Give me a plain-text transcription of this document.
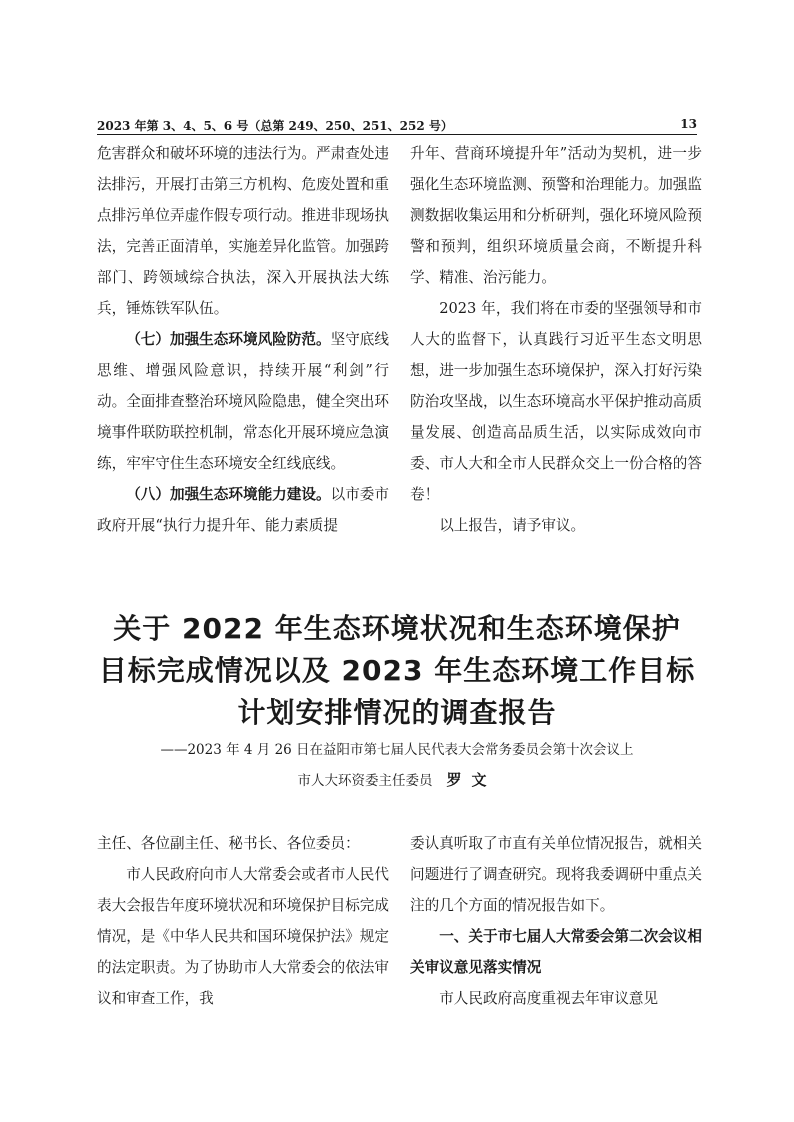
2023 年第 3、4、5、6 号（总第 249、250、251、252 号）	13

危害群众和破坏环境的违法行为。严肃查处违法排污，开展打击第三方机构、危废处置和重点排污单位弄虚作假专项行动。推进非现场执法，完善正面清单，实施差异化监管。加强跨部门、跨领域综合执法，深入开展执法大练兵，锤炼铁军队伍。

（七）加强生态环境风险防范。坚守底线思维、增强风险意识，持续开展“利剑”行动。全面排查整治环境风险隐患，健全突出环境事件联防联控机制，常态化开展环境应急演练，牢牢守住生态环境安全红线底线。

（八）加强生态环境能力建设。以市委市政府开展“执行力提升年、能力素质提

升年、营商环境提升年”活动为契机，进一步强化生态环境监测、预警和治理能力。加强监测数据收集运用和分析研判，强化环境风险预警和预判，组织环境质量会商，不断提升科学、精准、治污能力。

2023 年，我们将在市委的坚强领导和市人大的监督下，认真践行习近平生态文明思想，进一步加强生态环境保护，深入打好污染防治攻坚战，以生态环境高水平保护推动高质量发展、创造高品质生活，以实际成效向市委、市人大和全市人民群众交上一份合格的答卷！

以上报告，请予审议。

关于 2022 年生态环境状况和生态环境保护
目标完成情况以及 2023 年生态环境工作目标
计划安排情况的调查报告
——2023 年 4 月 26 日在益阳市第七届人民代表大会常务委员会第十次会议上
市人大环资委主任委员 罗文

主任、各位副主任、秘书长、各位委员：

市人民政府向市人大常委会或者市人民代表大会报告年度环境状况和环境保护目标完成情况，是《中华人民共和国环境保护法》规定的法定职责。为了协助市人大常委会的依法审议和审查工作，我

委认真听取了市直有关单位情况报告，就相关问题进行了调查研究。现将我委调研中重点关注的几个方面的情况报告如下。

一、关于市七届人大常委会第二次会议相关审议意见落实情况

市人民政府高度重视去年审议意见
